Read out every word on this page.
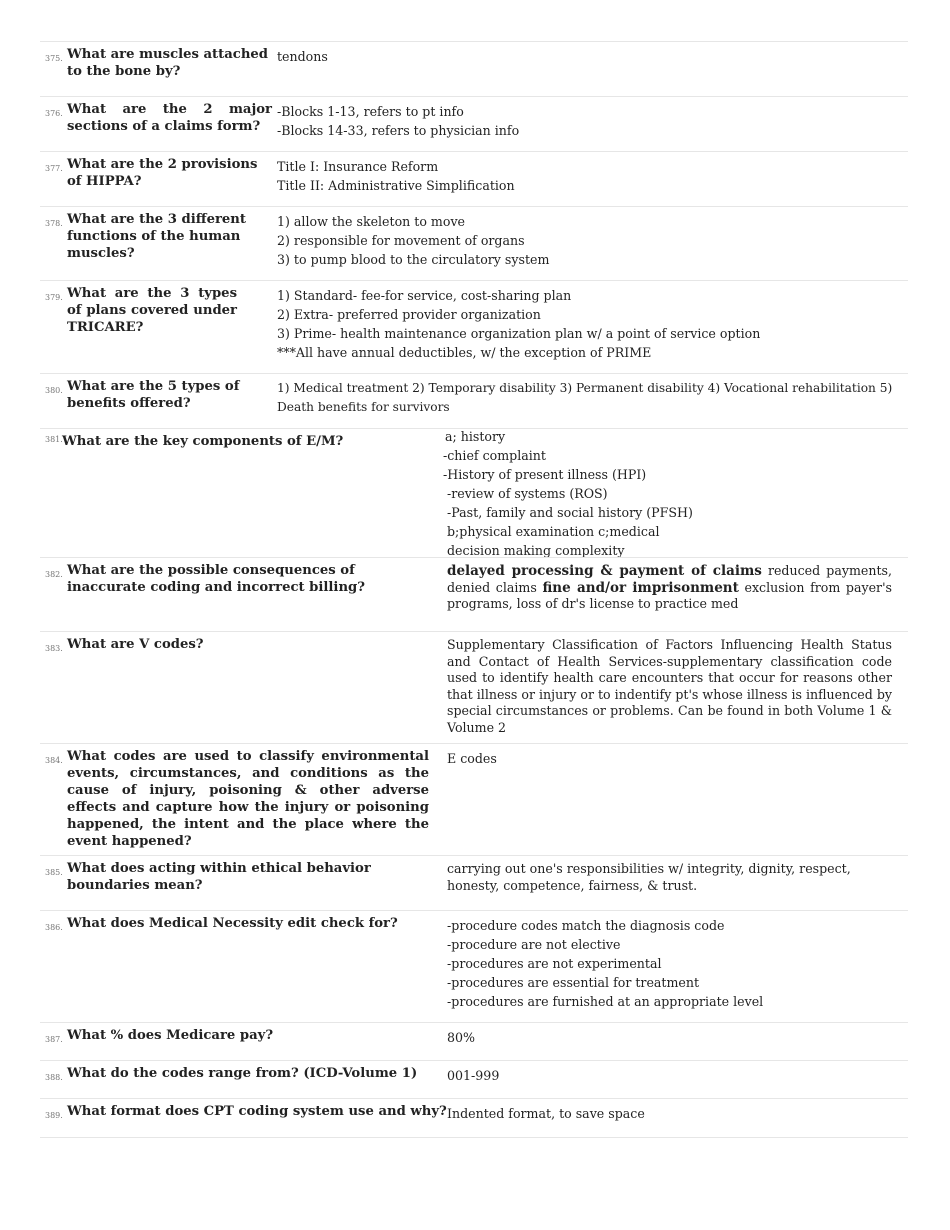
375. What are muscles attached to the bone by?
tendons
376. What are the 2 major sections of a claims form?
-Blocks 1-13, refers to pt info
-Blocks 14-33, refers to physician info
377. What are the 2 provisions of HIPPA?
Title I: Insurance Reform
Title II: Administrative Simplification
378. What are the 3 different functions of the human muscles?
1) allow the skeleton to move
2) responsible for movement of organs
3) to pump blood to the circulatory system
379. What are the 3 types of plans covered under TRICARE?
1) Standard- fee-for service, cost-sharing plan
2) Extra- preferred provider organization
3) Prime- health maintenance organization plan w/ a point of service option
***All have annual deductibles, w/ the exception of PRIME
380. What are the 5 types of benefits offered?
1) Medical treatment 2) Temporary disability 3) Permanent disability 4) Vocational rehabilitation 5)
Death benefits for survivors
381. What are the key components of E/M?	a; history
-chief complaint
-History of present illness (HPI)
-review of systems (ROS)
-Past, family and social history (PFSH)
b;physical examination c;medical
decision making complexity
382. What are the possible consequences of inaccurate coding and incorrect billing?
delayed processing & payment of claims reduced payments, denied claims fine and/or imprisonment exclusion from payer's programs, loss of dr's license to practice med
383. What are V codes?	Supplementary Classification of Factors Influencing Health Status and Contact of Health Services-supplementary classification code used to identify health care encounters that occur for reasons other that illness or injury or to indentify pt's whose illness is influenced by special circumstances or problems. Can be found in both Volume 1 & Volume 2
384. What codes are used to classify environmental events, circumstances, and conditions as the cause of injury, poisoning & other adverse effects and capture how the injury or poisoning happened, the intent and the place where the event happened?
E codes
385. What does acting within ethical behavior boundaries mean?
carrying out one's responsibilities w/ integrity, dignity, respect, honesty, competence, fairness, & trust.
386. What does Medical Necessity edit check for?	-procedure codes match the diagnosis code
-procedure are not elective
-procedures are not experimental
-procedures are essential for treatment
-procedures are furnished at an appropriate level
387. What % does Medicare pay?	80%
388. What do the codes range from? (ICD-Volume 1)	001-999
389. What format does CPT coding system use and why? Indented format, to save space
